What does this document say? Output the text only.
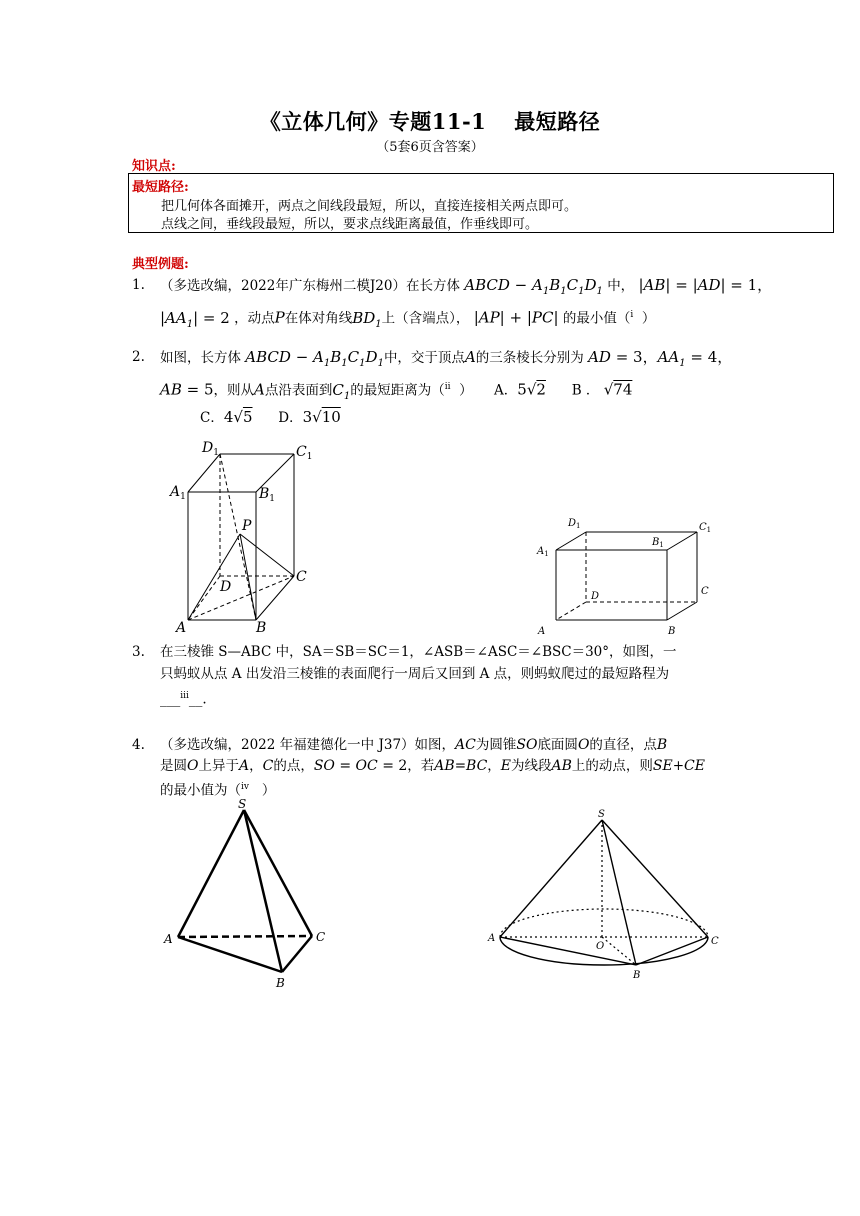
《立体几何》专题11-1 最短路径
（5套6页含答案）
知识点:
最短路径:
把几何体各面摊开，两点之间线段最短，所以，直接连接相关两点即可。
点线之间，垂线段最短，所以，要求点线距离最值，作垂线即可。
典型例题:
1. （多选改编，2022年广东梅州二模J20）在长方体 ABCD − $A_1B_1C_1D_1$ 中， |AB| = |AD| = 1，
$|AA_1| = 2$ ，动点P在体对角线$BD_1$上（含端点）， |AP| + |PC| 的最小值（$^i$ ）
2. 如图，长方体 ABCD − $A_1B_1C_1D_1$中，交于顶点A的三条棱长分别为 AD = 3，$AA_1 = 4$，
AB = 5，则从A点沿表面到$C_1$的最短距离为（$^{ii}$ ） A．5√2 B ． √74
C．4√5 D．3√10
$D_1$	$C_1$
$A_1$	$B_1$
P
D
C
A	B
$D_1$	$C_1$
$A_1$
$B_1$
C
D
A	B
3. 在三棱锥 S—ABC 中，SA＝SB＝SC＝1，∠ASB＝∠ASC＝∠BSC＝30°，如图，一
只蚂蚁从点 A 出发沿三棱锥的表面爬行一周后又回到 A 点，则蚂蚁爬过的最短路程为
___$^{iii}$__.
4. （多选改编，2022 年福建德化一中 J37）如图，AC为圆锥SO底面圆O的直径，点B
是圆O上异于A，C的点，SO = OC = 2，若AB=BC，E为线段AB上的动点，则SE+CE
的最小值为（$^{iv}$ ）
S
A	C
B
S
A
O	C
B
